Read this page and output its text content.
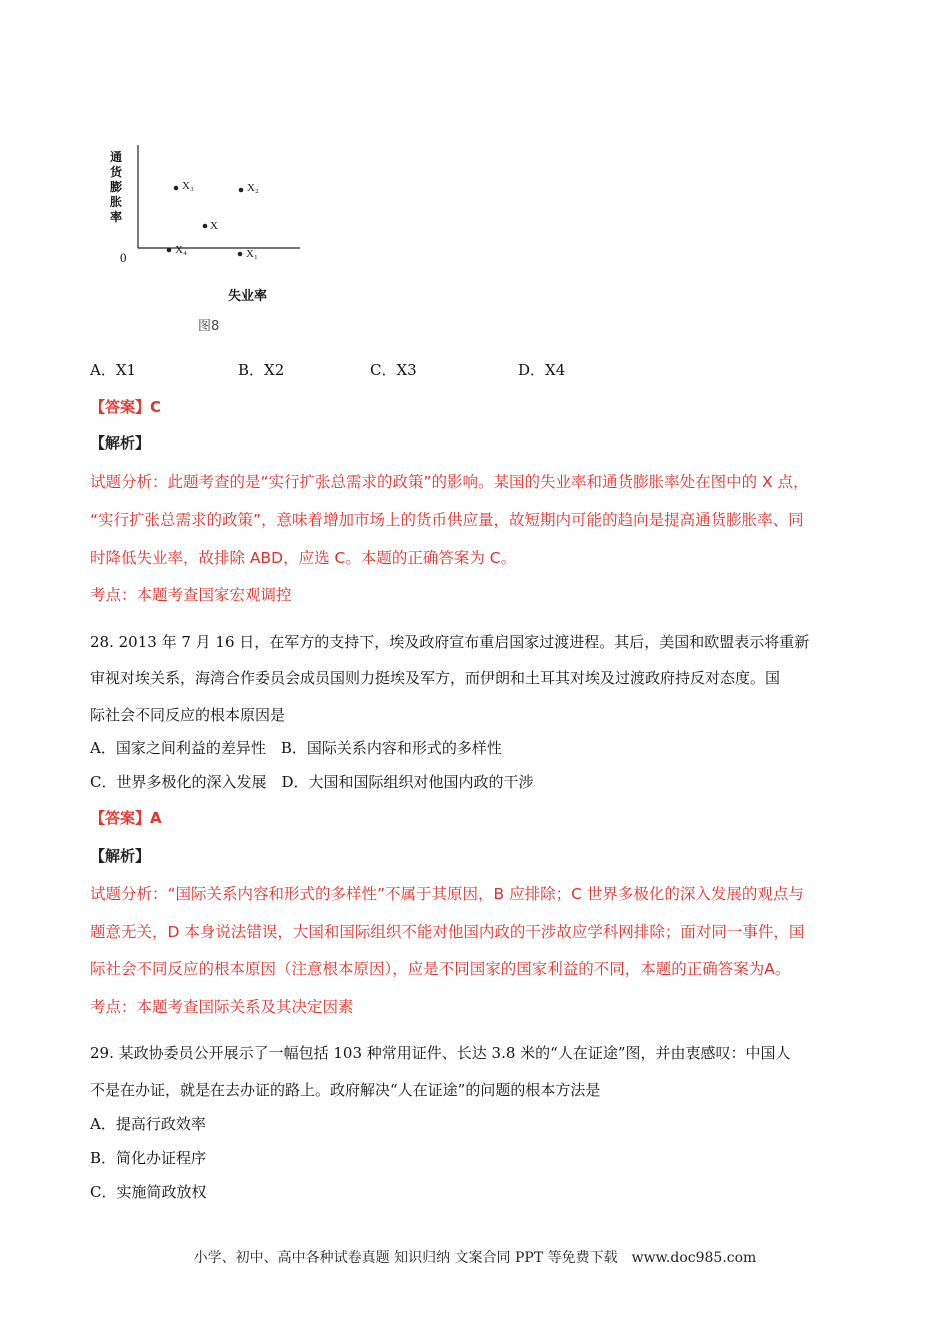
通
货
膨
胀
率
X₃	X₂
X
X₄	X₁
0
失业率
图8
A．X1	B．X2	C．X3	D．X4
【答案】C
【解析】
试题分析：此题考查的是“实行扩张总需求的政策”的影响。某国的失业率和通货膨胀率处在图中的 X 点，
“实行扩张总需求的政策”，意味着增加市场上的货币供应量，故短期内可能的趋向是提高通货膨胀率、同
时降低失业率，故排除 ABD，应选 C。本题的正确答案为 C。
考点：本题考查国家宏观调控
28. 2013 年 7 月 16 日，在军方的支持下，埃及政府宣布重启国家过渡进程。其后，美国和欧盟表示将重新
审视对埃关系，海湾合作委员会成员国则力挺埃及军方，而伊朗和土耳其对埃及过渡政府持反对态度。国
际社会不同反应的根本原因是
A．国家之间利益的差异性　B．国际关系内容和形式的多样性
C．世界多极化的深入发展　D．大国和国际组织对他国内政的干涉
【答案】A
【解析】
试题分析：“国际关系内容和形式的多样性”不属于其原因，B 应排除；C 世界多极化的深入发展的观点与
题意无关，D 本身说法错误，大国和国际组织不能对他国内政的干涉故应学科网排除；面对同一事件，国
际社会不同反应的根本原因（注意根本原因），应是不同国家的国家利益的不同，本题的正确答案为A。
考点：本题考查国际关系及其决定因素
29. 某政协委员公开展示了一幅包括 103 种常用证件、长达 3.8 米的“人在证途”图，并由衷感叹：中国人
不是在办证，就是在去办证的路上。政府解决“人在证途”的问题的根本方法是
A．提高行政效率
B．简化办证程序
C．实施简政放权
小学、初中、高中各种试卷真题 知识归纳 文案合同 PPT 等免费下载　www.doc985.com
